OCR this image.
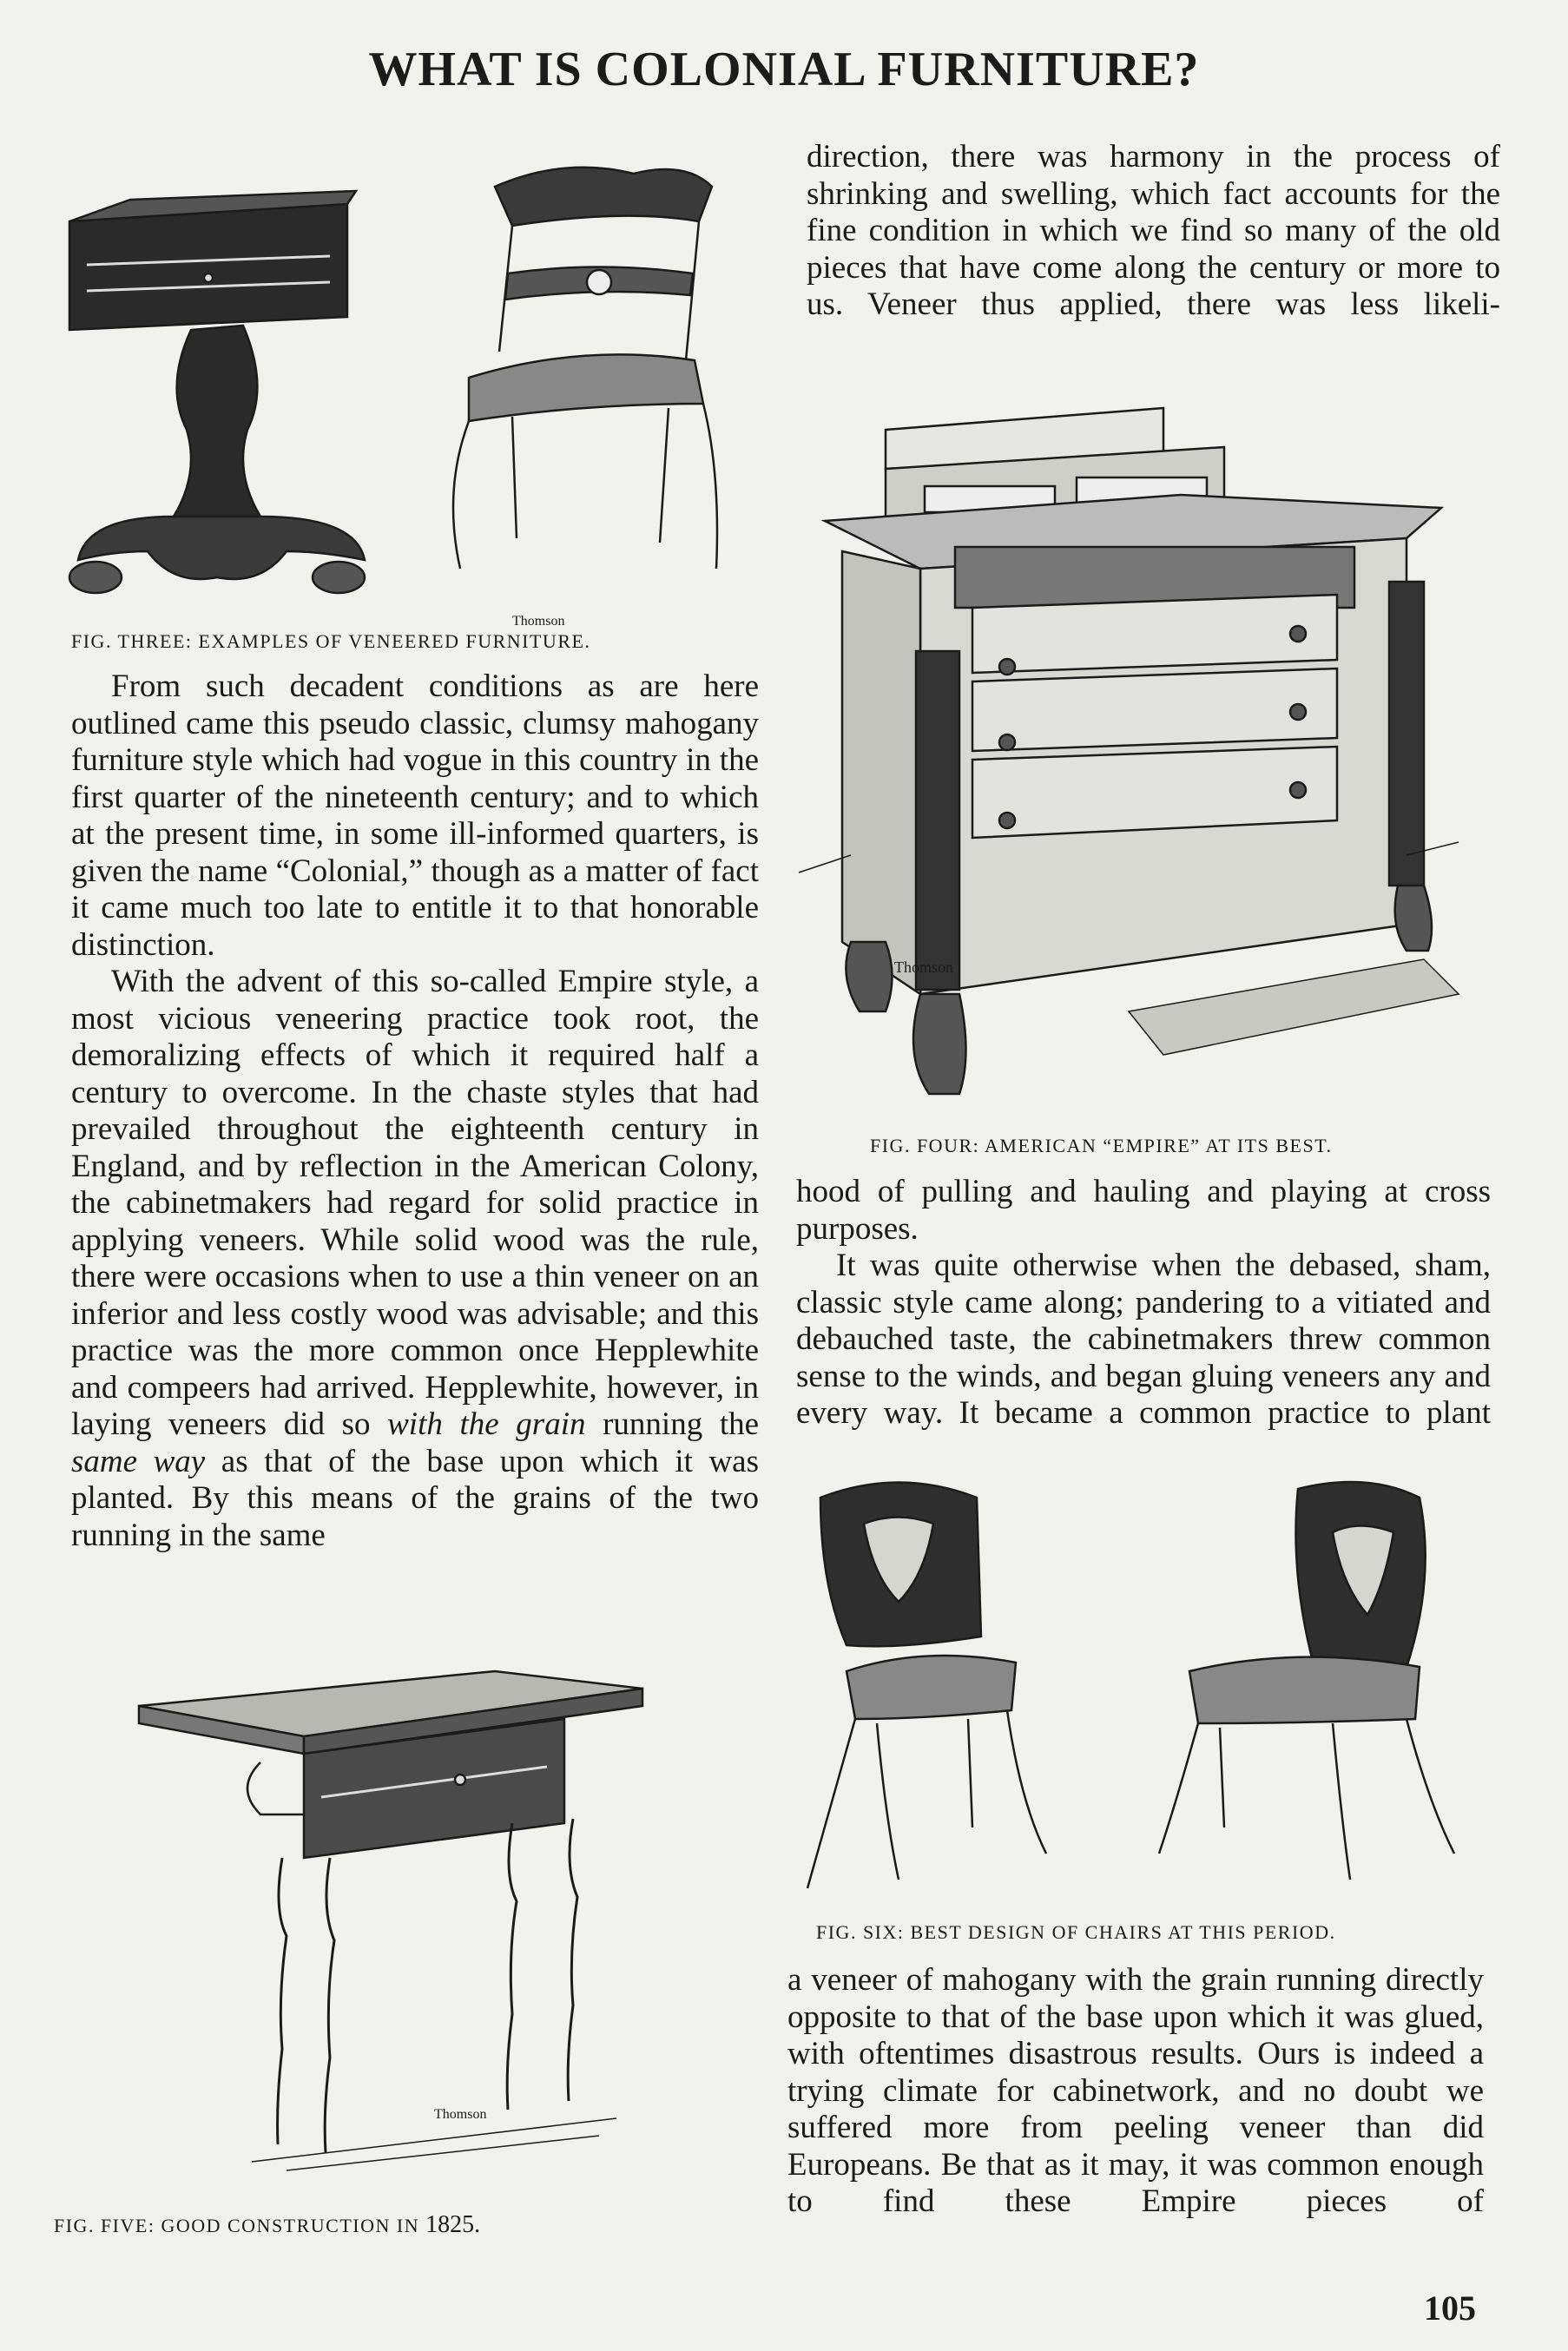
WHAT IS COLONIAL FURNITURE?
Thomson

FIG. THREE: EXAMPLES OF VENEERED FURNITURE.

direction, there was harmony in the process of shrinking and swelling, which fact accounts for the fine condition in which we find so many of the old pieces that have come along the century or more to us. Veneer thus applied, there was less likeli-

Thomson

FIG. FOUR: AMERICAN “EMPIRE” AT ITS BEST.

From such decadent conditions as are here outlined came this pseudo classic, clumsy mahogany furniture style which had vogue in this country in the first quarter of the nineteenth century; and to which at the present time, in some ill-informed quarters, is given the name “Colonial,” though as a matter of fact it came much too late to entitle it to that honorable distinction.

With the advent of this so-called Empire style, a most vicious veneering practice took root, the demoralizing effects of which it required half a century to overcome. In the chaste styles that had prevailed throughout the eighteenth century in England, and by reflection in the American Colony, the cabinetmakers had regard for solid practice in applying veneers. While solid wood was the rule, there were occasions when to use a thin veneer on an inferior and less costly wood was advisable; and this practice was the more common once Hepplewhite and compeers had arrived. Hepplewhite, however, in laying veneers did so with the grain running the same way as that of the base upon which it was planted. By this means of the grains of the two running in the same

hood of pulling and hauling and playing at cross purposes.

It was quite otherwise when the debased, sham, classic style came along; pandering to a vitiated and debauched taste, the cabinetmakers threw common sense to the winds, and began gluing veneers any and every way. It became a common practice to plant

Thomson

FIG. FIVE: GOOD CONSTRUCTION IN 1825.

FIG. SIX: BEST DESIGN OF CHAIRS AT THIS PERIOD.

a veneer of mahogany with the grain running directly opposite to that of the base upon which it was glued, with oftentimes disastrous results. Ours is indeed a trying climate for cabinetwork, and no doubt we suffered more from peeling veneer than did Europeans. Be that as it may, it was common enough to find these Empire pieces of

105
